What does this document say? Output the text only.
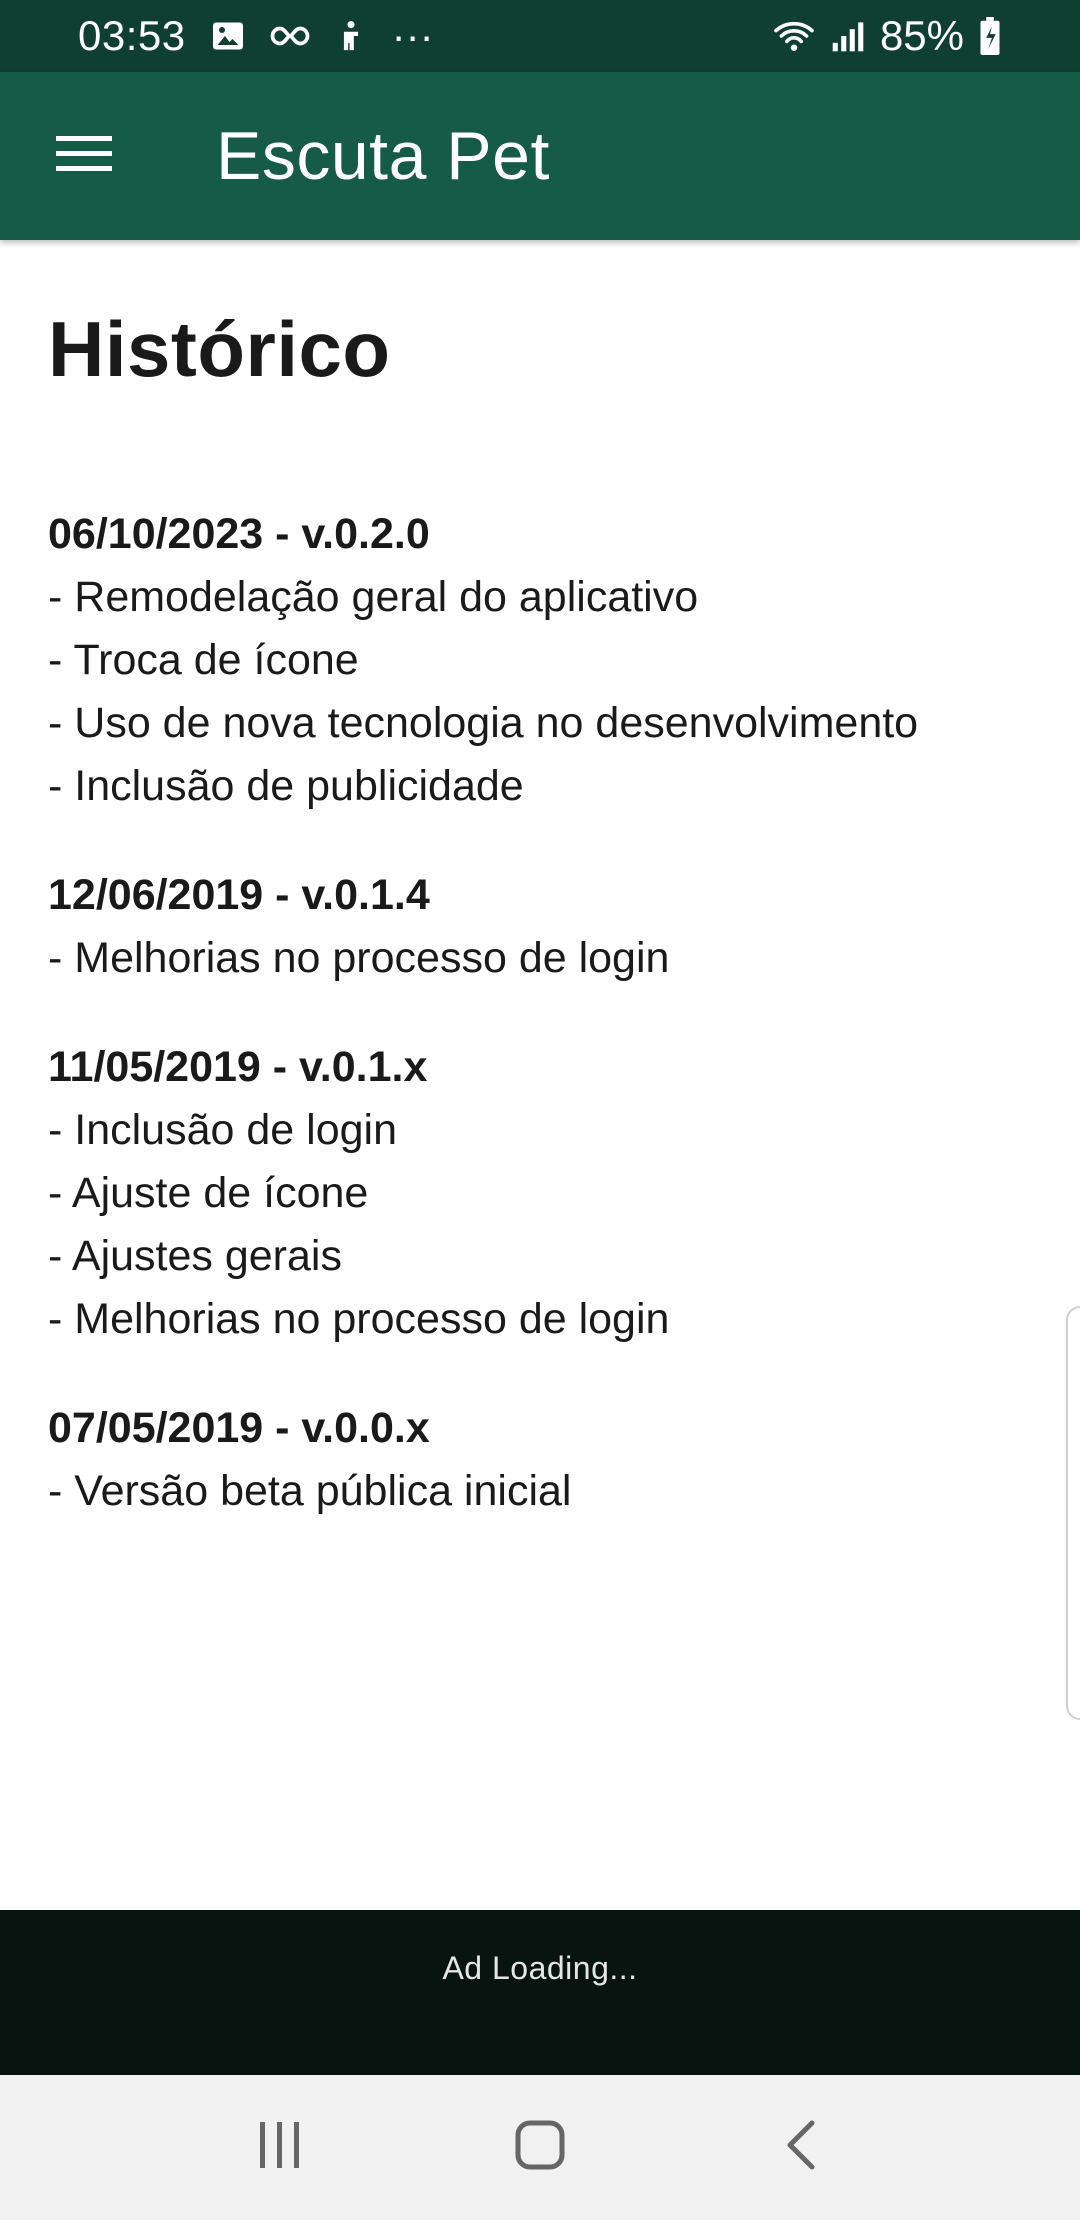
03:53	···	85%
Escuta Pet
Histórico
06/10/2023 - v.0.2.0
- Remodelação geral do aplicativo
- Troca de ícone
- Uso de nova tecnologia no desenvolvimento
- Inclusão de publicidade
12/06/2019 - v.0.1.4
- Melhorias no processo de login
11/05/2019 - v.0.1.x
- Inclusão de login
- Ajuste de ícone
- Ajustes gerais
- Melhorias no processo de login
07/05/2019 - v.0.0.x
- Versão beta pública inicial
Ad Loading...
